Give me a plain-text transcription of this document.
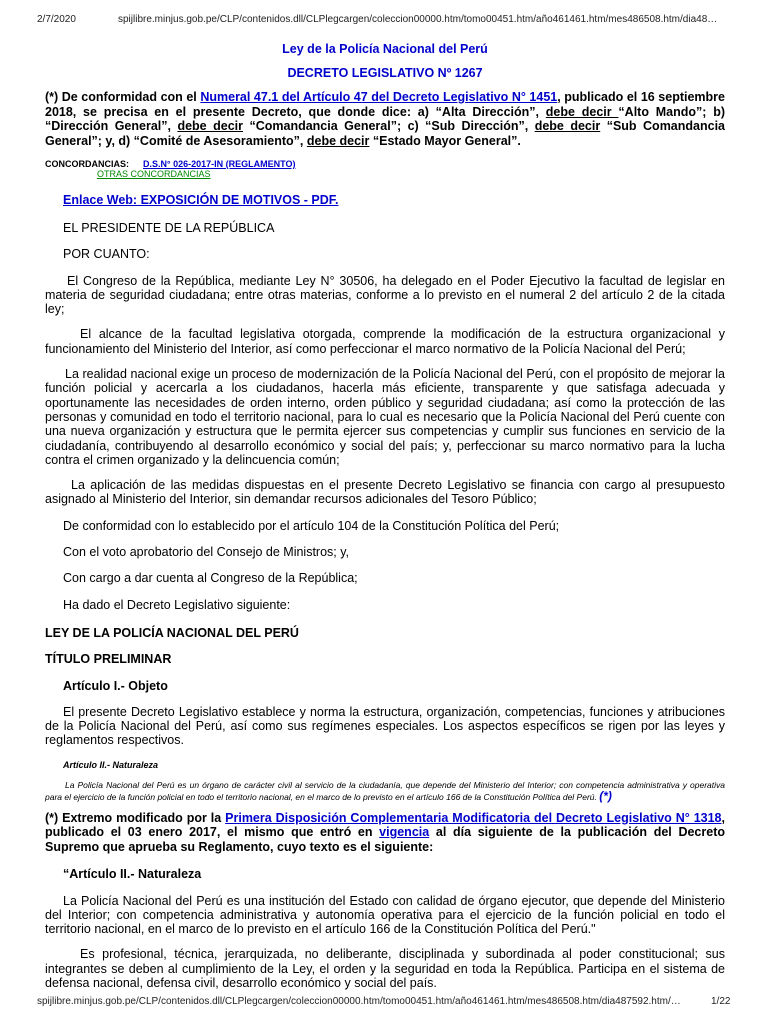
2/7/2020	spijlibre.minjus.gob.pe/CLP/contenidos.dll/CLPlegcargen/coleccion00000.htm/tomo00451.htm/año461461.htm/mes486508.htm/dia48…
Ley de la Policía Nacional del Perú
DECRETO LEGISLATIVO Nº 1267
(*) De conformidad con el Numeral 47.1 del Artículo 47 del Decreto Legislativo N° 1451, publicado el 16 septiembre 2018, se precisa en el presente Decreto, que donde dice: a) “Alta Dirección”, debe decir “Alto Mando”; b) “Dirección General”, debe decir “Comandancia General”; c) “Sub Dirección”, debe decir “Sub Comandancia General”; y, d) “Comité de Asesoramiento”, debe decir “Estado Mayor General”.
CONCORDANCIAS: D.S.N° 026-2017-IN (REGLAMENTO)
OTRAS CONCORDANCIAS
Enlace Web: EXPOSICIÓN DE MOTIVOS - PDF.

EL PRESIDENTE DE LA REPÚBLICA

POR CUANTO:

El Congreso de la República, mediante Ley N° 30506, ha delegado en el Poder Ejecutivo la facultad de legislar en materia de seguridad ciudadana; entre otras materias, conforme a lo previsto en el numeral 2 del artículo 2 de la citada ley;

El alcance de la facultad legislativa otorgada, comprende la modificación de la estructura organizacional y funcionamiento del Ministerio del Interior, así como perfeccionar el marco normativo de la Policía Nacional del Perú;

La realidad nacional exige un proceso de modernización de la Policía Nacional del Perú, con el propósito de mejorar la función policial y acercarla a los ciudadanos, hacerla más eficiente, transparente y que satisfaga adecuada y oportunamente las necesidades de orden interno, orden público y seguridad ciudadana; así como la protección de las personas y comunidad en todo el territorio nacional, para lo cual es necesario que la Policía Nacional del Perú cuente con una nueva organización y estructura que le permita ejercer sus competencias y cumplir sus funciones en servicio de la ciudadanía, contribuyendo al desarrollo económico y social del país; y, perfeccionar su marco normativo para la lucha contra el crimen organizado y la delincuencia común;

La aplicación de las medidas dispuestas en el presente Decreto Legislativo se financia con cargo al presupuesto asignado al Ministerio del Interior, sin demandar recursos adicionales del Tesoro Público;

De conformidad con lo establecido por el artículo 104 de la Constitución Política del Perú;

Con el voto aprobatorio del Consejo de Ministros; y,

Con cargo a dar cuenta al Congreso de la República;

Ha dado el Decreto Legislativo siguiente:

LEY DE LA POLICÍA NACIONAL DEL PERÚ

TÍTULO PRELIMINAR

Artículo I.- Objeto

El presente Decreto Legislativo establece y norma la estructura, organización, competencias, funciones y atribuciones de la Policía Nacional del Perú, así como sus regímenes especiales. Los aspectos específicos se rigen por las leyes y reglamentos respectivos.

Artículo II.- Naturaleza
La Policía Nacional del Perú es un órgano de carácter civil al servicio de la ciudadanía, que depende del Ministerio del Interior; con competencia administrativa y operativa para el ejercicio de la función policial en todo el territorio nacional, en el marco de lo previsto en el artículo 166 de la Constitución Política del Perú. (*)
(*) Extremo modificado por la Primera Disposición Complementaria Modificatoria del Decreto Legislativo N° 1318, publicado el 03 enero 2017, el mismo que entró en vigencia al día siguiente de la publicación del Decreto Supremo que aprueba su Reglamento, cuyo texto es el siguiente:

“Artículo II.- Naturaleza

La Policía Nacional del Perú es una institución del Estado con calidad de órgano ejecutor, que depende del Ministerio del Interior; con competencia administrativa y autonomía operativa para el ejercicio de la función policial en todo el territorio nacional, en el marco de lo previsto en el artículo 166 de la Constitución Política del Perú."

Es profesional, técnica, jerarquizada, no deliberante, disciplinada y subordinada al poder constitucional; sus integrantes se deben al cumplimiento de la Ley, el orden y la seguridad en toda la República. Participa en el sistema de defensa nacional, defensa civil, desarrollo económico y social del país.

spijlibre.minjus.gob.pe/CLP/contenidos.dll/CLPlegcargen/coleccion00000.htm/tomo00451.htm/año461461.htm/mes486508.htm/dia487592.htm/…	1/22
